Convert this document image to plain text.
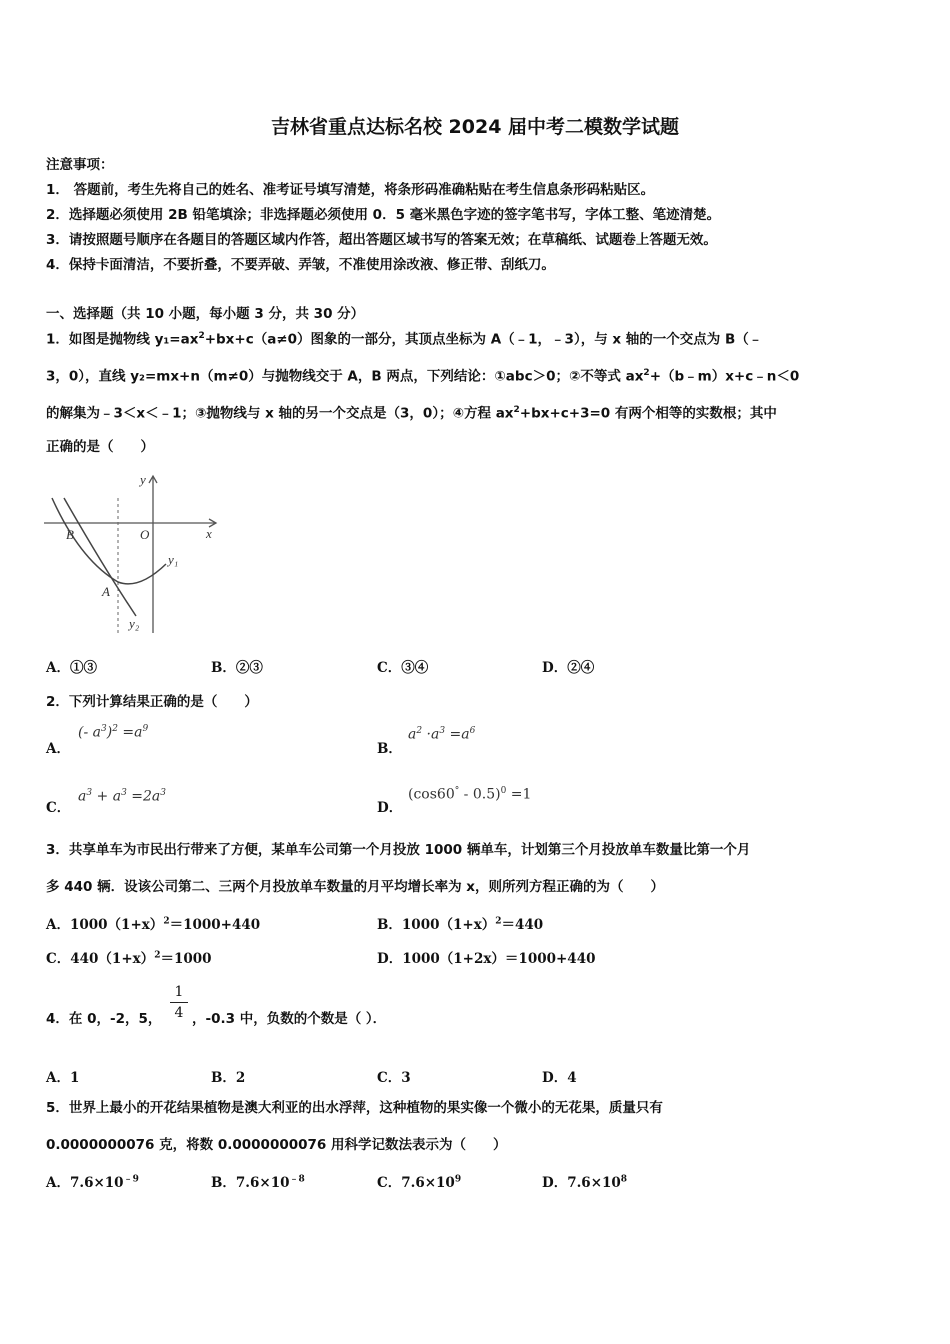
吉林省重点达标名校 2024 届中考二模数学试题
注意事项：
1． 答题前，考生先将自己的姓名、准考证号填写清楚，将条形码准确粘贴在考生信息条形码粘贴区。
2．选择题必须使用 2B 铅笔填涂；非选择题必须使用 0．5 毫米黑色字迹的签字笔书写，字体工整、笔迹清楚。
3．请按照题号顺序在各题目的答题区域内作答，超出答题区域书写的答案无效；在草稿纸、试题卷上答题无效。
4．保持卡面清洁，不要折叠，不要弄破、弄皱，不准使用涂改液、修正带、刮纸刀。
一、选择题（共 10 小题，每小题 3 分，共 30 分）
1．如图是抛物线 $y_1=ax^2+bx+c(a\ne 0)$图象的一部分，其顶点坐标为 A（﹣1，﹣3），与 x 轴的一个交点为 B（﹣
3，0），直线 y₂=mx+n（m≠0）与抛物线交于 A，B 两点，下列结论：①abc＞0；②不等式 $ax^2+(b﹣m)x+c﹣n<0$
的解集为﹣3＜x＜﹣1；③抛物线与 x 轴的另一个交点是（3，0）；④方程 $ax^2+bx+c+3=0$ 有两个相等的实数根；其中
正确的是（　　）
B	O	x
y
A
y₁
y₂
A．①③	B．②③	C．③④	D．②④
2．下列计算结果正确的是（　　）
A．
(- $a^3)^2 =a^9$
B．
$a^2 \cdot a^3 =a^6$
C．
$a^3 + a^3 =2a^3$
D．
(cos60° - 0.5)$^0$ =1
3．共享单车为市民出行带来了方便，某单车公司第一个月投放 1000 辆单车，计划第三个月投放单车数量比第一个月
多 440 辆．设该公司第二、三两个月投放单车数量的月平均增长率为 x，则所列方程正确的为（　　）
A．$1000(1+x)^2=1000+440$	B．$1000(1+x)^2=440$
C．$440(1+x)^2=1000$	D．1000（1+2x）＝1000+440
4．在 0，-2，5，
1
4 ，-0.3 中，负数的个数是（ ）．
A．1	B．2	C．3	D．4
5．世界上最小的开花结果植物是澳大利亚的出水浮萍，这种植物的果实像一个微小的无花果，质量只有
0.0000000076 克，将数 0.0000000076 用科学记数法表示为（　　）
A．$7.6\times 10^{﹣9}$	B．$7.6\times 10^{﹣8}$	C．$7.6\times 10^9$	D．$7.6\times 10^8$
